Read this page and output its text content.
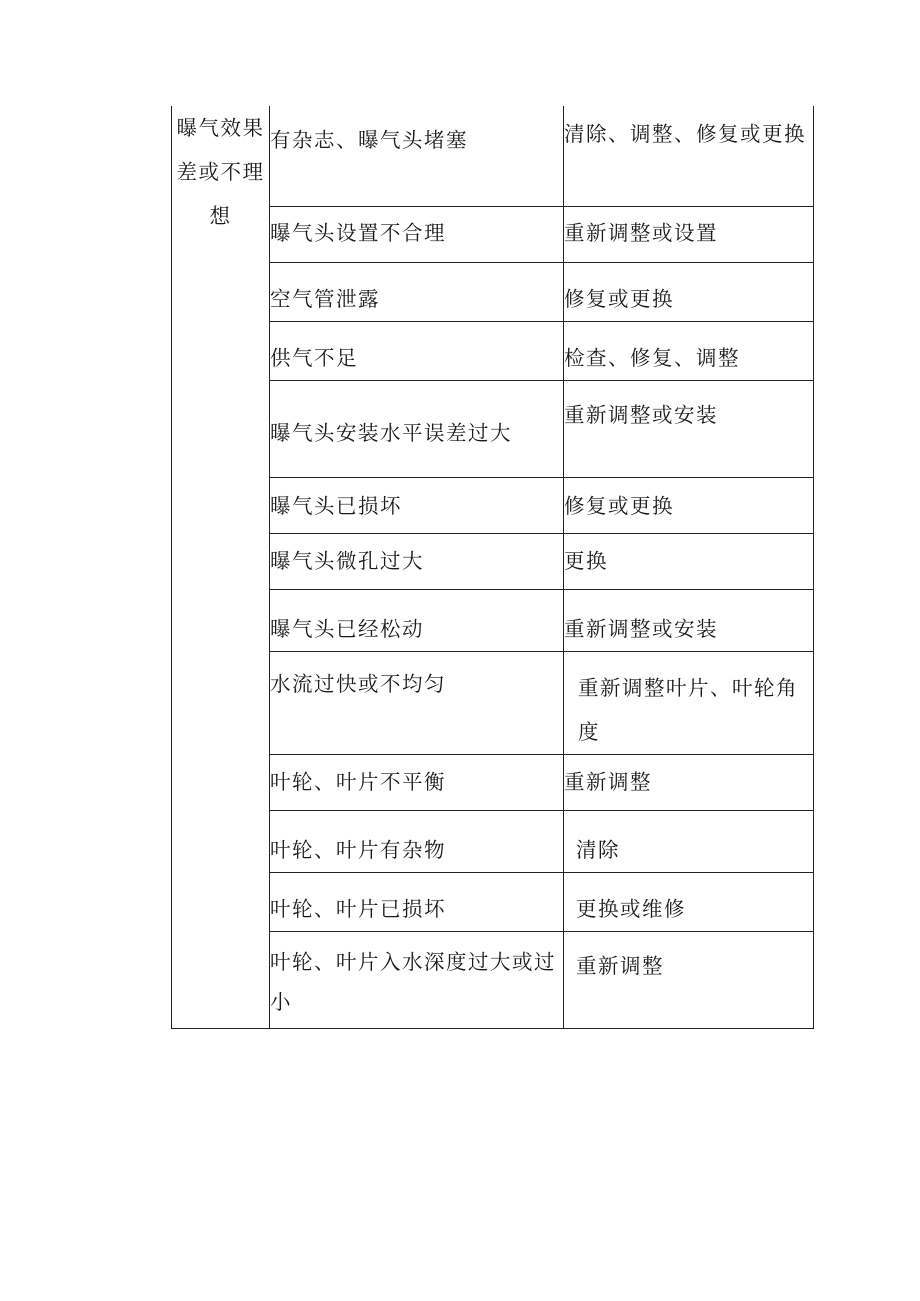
曝气效果差或不理想	有杂志、曝气头堵塞	清除、调整、修复或更换
	曝气头设置不合理	重新调整或设置
	空气管泄露	修复或更换
	供气不足	检查、修复、调整
	曝气头安装水平误差过大	重新调整或安装
	曝气头已损坏	修复或更换
	曝气头微孔过大	更换
	曝气头已经松动	重新调整或安装
	水流过快或不均匀	重新调整叶片、叶轮角度
	叶轮、叶片不平衡	重新调整
	叶轮、叶片有杂物	清除
	叶轮、叶片已损坏	更换或维修
	叶轮、叶片入水深度过大或过小	重新调整
